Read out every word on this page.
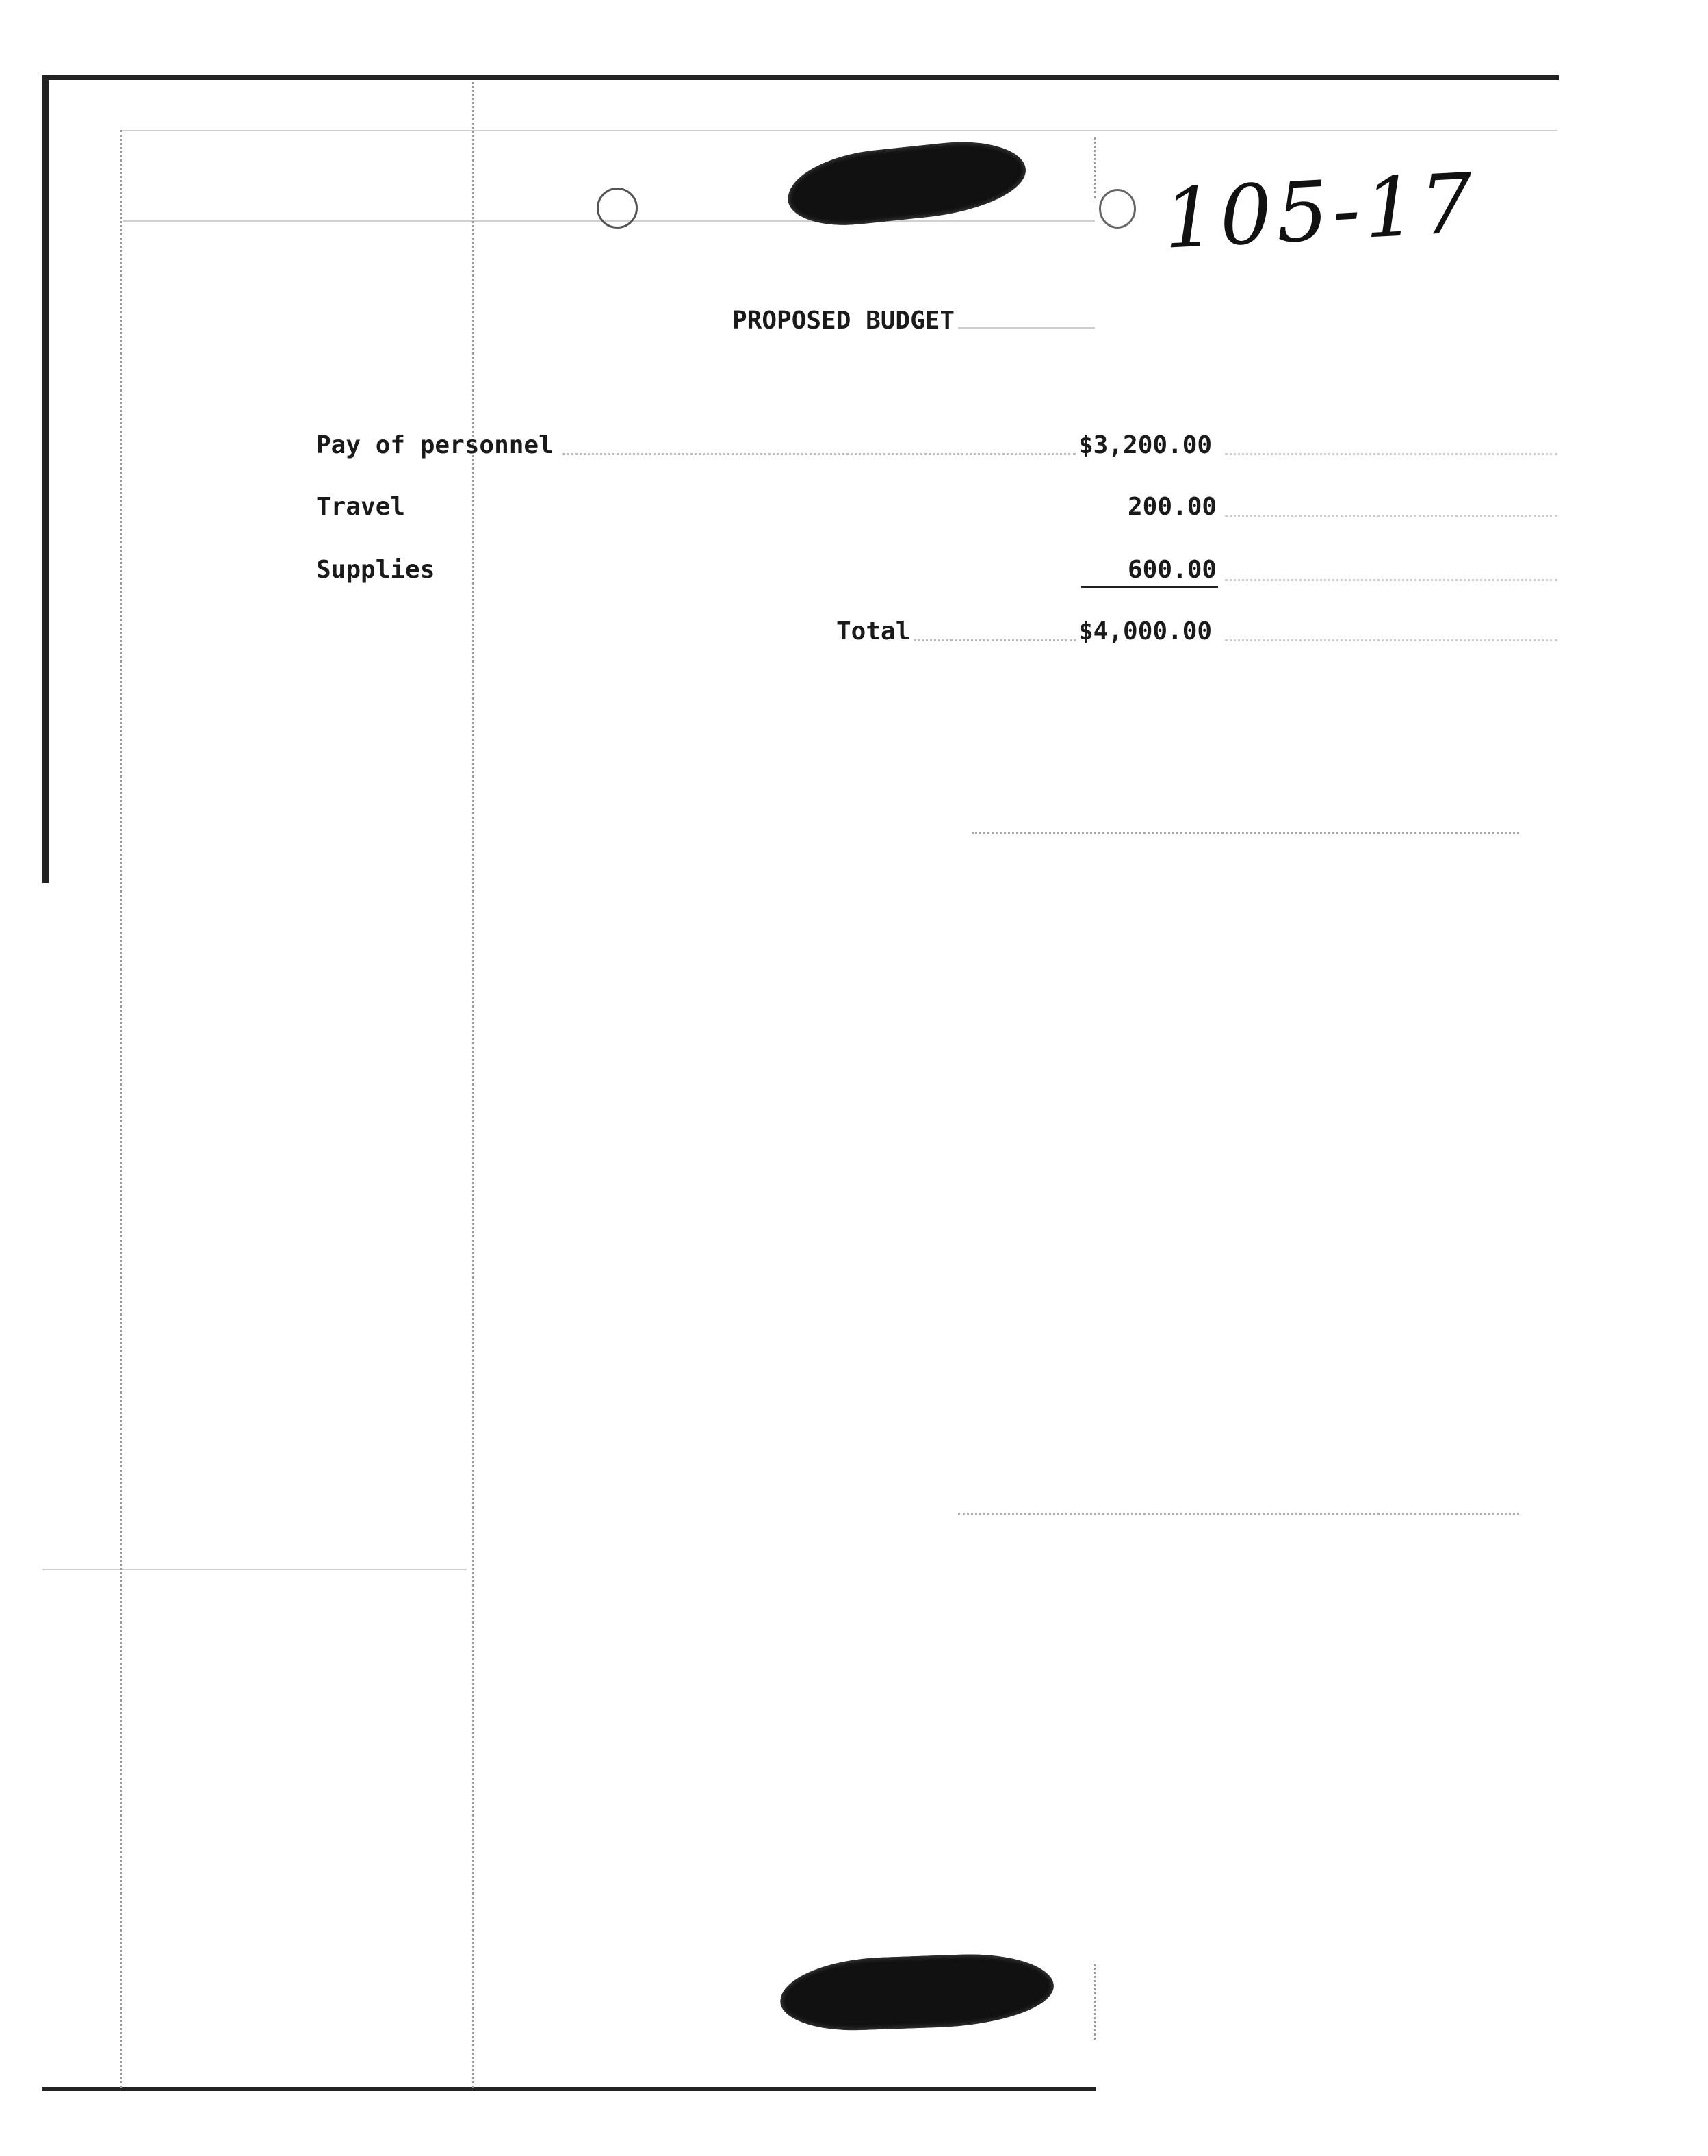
105-17
PROPOSED BUDGET
Pay of personnel	$3,200.00
Travel	200.00
Supplies	600.00
Total	$4,000.00
